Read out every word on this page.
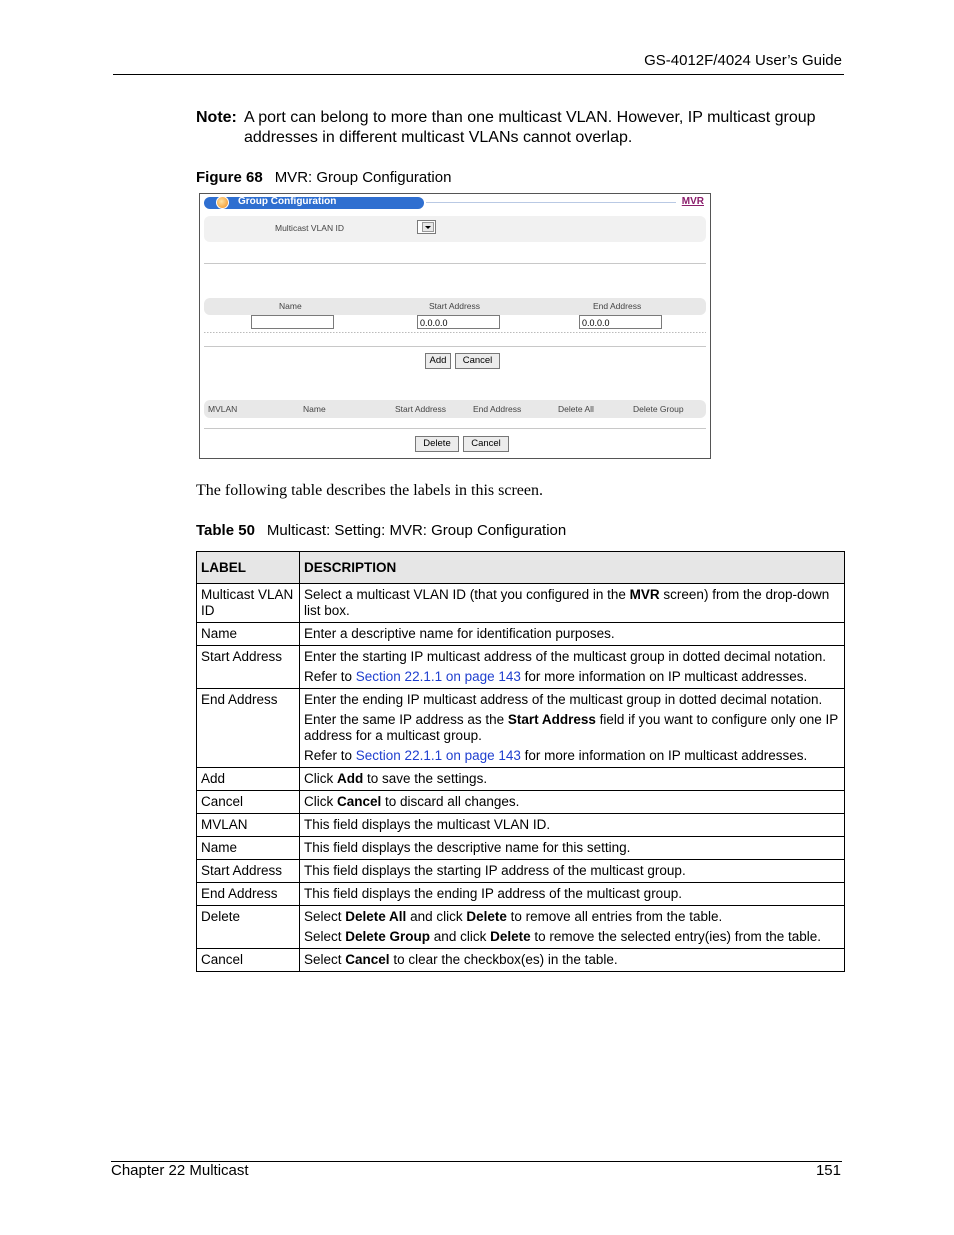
GS-4012F/4024 User’s Guide
Note: A port can belong to more than one multicast VLAN. However, IP multicast group addresses in different multicast VLANs cannot overlap.
Figure 68 MVR: Group Configuration
Group Configuration	MVR
Multicast VLAN ID
Name	Start Address	End Address
0.0.0.0	0.0.0.0
Add	Cancel
MVLAN	Name	Start Address	End Address	Delete All	Delete Group
Delete	Cancel
The following table describes the labels in this screen.
Table 50 Multicast: Setting: MVR: Group Configuration
LABEL	DESCRIPTION
Multicast VLAN ID	Select a multicast VLAN ID (that you configured in the MVR screen) from the drop-down list box.

Name	Enter a descriptive name for identification purposes.

Start Address	Enter the starting IP multicast address of the multicast group in dotted decimal notation.

Refer to Section 22.1.1 on page 143 for more information on IP multicast addresses.

End Address	Enter the ending IP multicast address of the multicast group in dotted decimal notation.

Enter the same IP address as the Start Address field if you want to configure only one IP address for a multicast group.

Refer to Section 22.1.1 on page 143 for more information on IP multicast addresses.

Add	Click Add to save the settings.

Cancel	Click Cancel to discard all changes.

MVLAN	This field displays the multicast VLAN ID.

Name	This field displays the descriptive name for this setting.

Start Address	This field displays the starting IP address of the multicast group.

End Address	This field displays the ending IP address of the multicast group.

Delete	Select Delete All and click Delete to remove all entries from the table.

Select Delete Group and click Delete to remove the selected entry(ies) from the table.

Cancel	Select Cancel to clear the checkbox(es) in the table.

Chapter 22 Multicast	151
